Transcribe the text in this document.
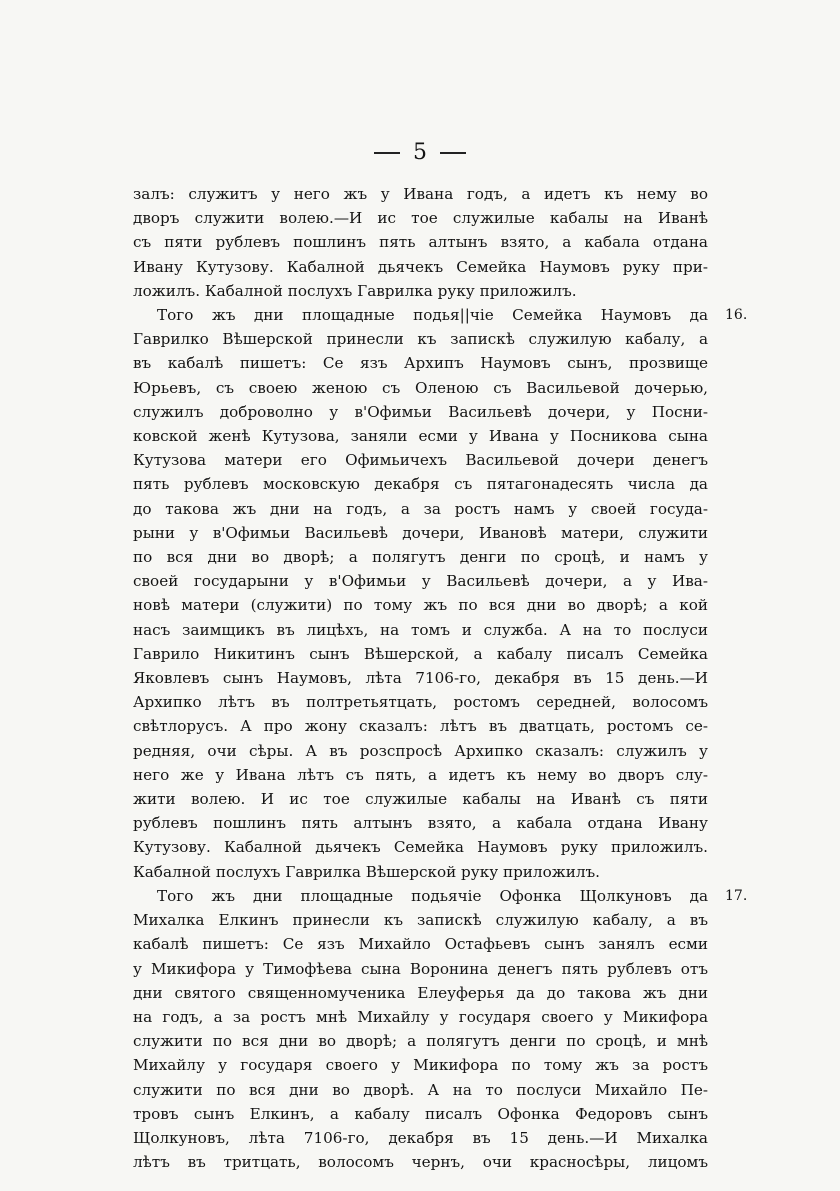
5
залъ: служитъ у него жъ у Ивана годъ, а идетъ къ нему во
дворъ служити волею.—И ис тое служилые кабалы на Иванѣ
съ пяти рублевъ пошлинъ пять алтынъ взято, а кабала отдана
Ивану Кутузову. Кабалной дьячекъ Семейка Наумовъ руку при-
ложилъ. Кабалной послухъ Гаврилка руку приложилъ.
16.
Того жъ дни площадные подья||чіе Семейка Наумовъ да
Гаврилко Вѣшерской принесли къ запискѣ служилую кабалу, а
въ кабалѣ пишетъ: Се язъ Архипъ Наумовъ сынъ, прозвище
Юрьевъ, съ своею женою съ Оленою съ Васильевой дочерью,
служилъ доброволно у в'Офимьи Васильевѣ дочери, у Посни-
ковской женѣ Кутузова, заняли есми у Ивана у Посникова сына
Кутузова матери его Офимьичехъ Васильевой дочери денегъ
пять рублевъ московскую декабря съ пятагонадесять числа да
до такова жъ дни на годъ, а за ростъ намъ у своей госуда-
рыни у в'Офимьи Васильевѣ дочери, Ивановѣ матери, служити
по вся дни во дворѣ; а полягутъ денги по сроцѣ, и намъ у
своей государыни у в'Офимьи у Васильевѣ дочери, а у Ива-
новѣ матери (служити) по тому жъ по вся дни во дворѣ; а кой
насъ заимщикъ въ лицѣхъ, на томъ и служба. А на то послуси
Гаврило Никитинъ сынъ Вѣшерской, а кабалу писалъ Семейка
Яковлевъ сынъ Наумовъ, лѣта 7106-го, декабря въ 15 день.—И
Архипко лѣтъ въ полтретьятцать, ростомъ середней, волосомъ
свѣтлорусъ. А про жону сказалъ: лѣтъ въ дватцать, ростомъ се-
редняя, очи сѣры. А въ розспросѣ Архипко сказалъ: служилъ у
него же у Ивана лѣтъ съ пять, а идетъ къ нему во дворъ слу-
жити волею. И ис тое служилые кабалы на Иванѣ съ пяти
рублевъ пошлинъ пять алтынъ взято, а кабала отдана Ивану
Кутузову. Кабалной дьячекъ Семейка Наумовъ руку приложилъ.
Кабалной послухъ Гаврилка Вѣшерской руку приложилъ.
17.
Того жъ дни площадные подьячіе Офонка Щолкуновъ да
Михалка Елкинъ принесли къ запискѣ служилую кабалу, а въ
кабалѣ пишетъ: Се язъ Михайло Остафьевъ сынъ занялъ есми
у Микифора у Тимофѣева сына Воронина денегъ пять рублевъ отъ
дни святого священномученика Елеуферья да до такова жъ дни
на годъ, а за ростъ мнѣ Михайлу у государя своего у Микифора
служити по вся дни во дворѣ; а полягутъ денги по сроцѣ, и мнѣ
Михайлу у государя своего у Микифора по тому жъ за ростъ
служити по вся дни во дворѣ. А на то послуси Михайло Пе-
тровъ сынъ Елкинъ, а кабалу писалъ Офонка Федоровъ сынъ
Щолкуновъ, лѣта 7106-го, декабря въ 15 день.—И Михалка
лѣтъ въ тритцать, волосомъ чернъ, очи красносѣры, лицомъ
